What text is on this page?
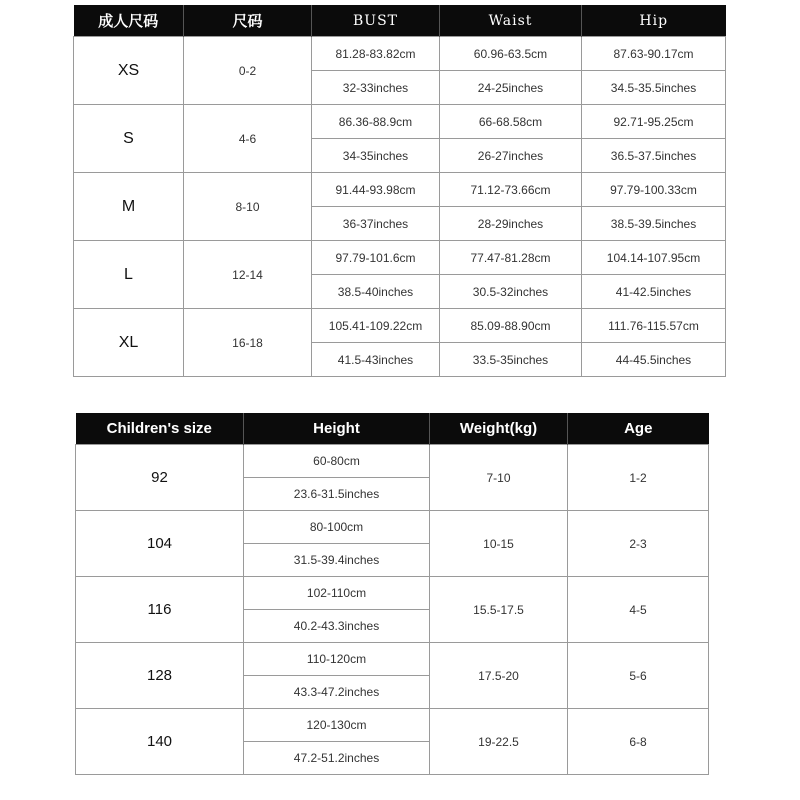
成人尺码	尺码	BUST	Waist	Hip
XS	0-2	81.28-83.82cm	60.96-63.5cm	87.63-90.17cm
		32-33inches	24-25inches	34.5-35.5inches
S	4-6	86.36-88.9cm	66-68.58cm	92.71-95.25cm
		34-35inches	26-27inches	36.5-37.5inches
M	8-10	91.44-93.98cm	71.12-73.66cm	97.79-100.33cm
		36-37inches	28-29inches	38.5-39.5inches
L	12-14	97.79-101.6cm	77.47-81.28cm	104.14-107.95cm
		38.5-40inches	30.5-32inches	41-42.5inches
XL	16-18	105.41-109.22cm	85.09-88.90cm	111.76-115.57cm
		41.5-43inches	33.5-35inches	44-45.5inches
Children's size	Height	Weight(kg)	Age
92	60-80cm	7-10	1-2
	23.6-31.5inches		
104	80-100cm	10-15	2-3
	31.5-39.4inches		
116	102-110cm	15.5-17.5	4-5
	40.2-43.3inches		
128	110-120cm	17.5-20	5-6
	43.3-47.2inches		
140	120-130cm	19-22.5	6-8
	47.2-51.2inches		
